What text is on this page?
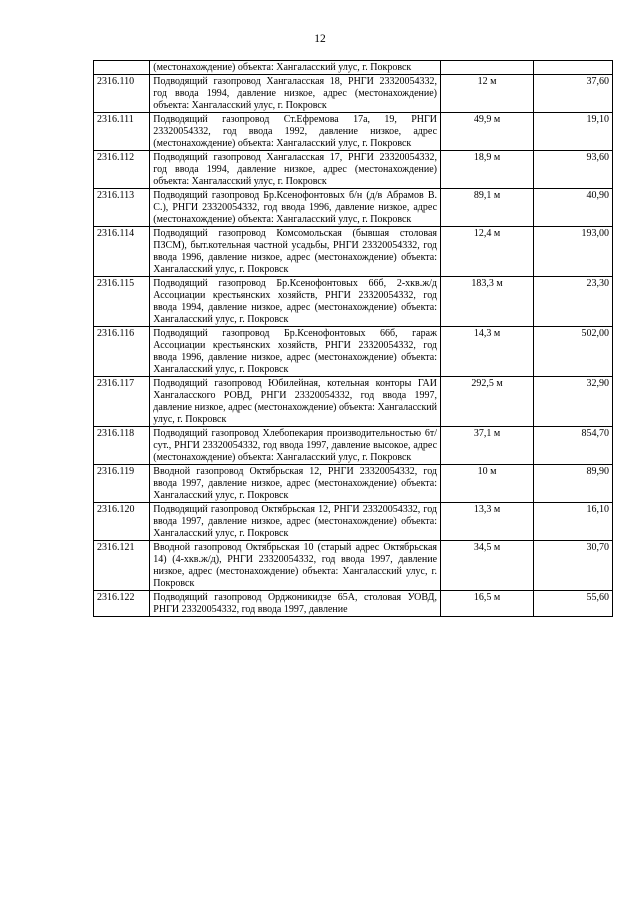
12
	(местонахождение) объекта: Хангаласский улус, г. Покровск		
2316.110	Подводящий газопровод Хангаласская 18, РНГИ 23320054332, год ввода 1994, давление низкое, адрес (местонахождение) объекта: Хангаласский улус, г. Покровск	12 м	37,60
2316.111	Подводящий газопровод Ст.Ефремова 17а, 19, РНГИ 23320054332, год ввода 1992, давление низкое, адрес (местонахождение) объекта: Хангаласский улус, г. Покровск	49,9 м	19,10
2316.112	Подводящий газопровод Хангаласская 17, РНГИ 23320054332, год ввода 1994, давление низкое, адрес (местонахождение) объекта: Хангаласский улус, г. Покровск	18,9 м	93,60
2316.113	Подводящий газопровод Бр.Ксенофонтовых б/н (д/в Абрамов В. С.), РНГИ 23320054332, год ввода 1996, давление низкое, адрес (местонахождение) объекта: Хангаласский улус, г. Покровск	89,1 м	40,90
2316.114	Подводящий газопровод Комсомольская (бывшая столовая ПЗСМ), быт.котельная частной усадьбы, РНГИ 23320054332, год ввода 1996, давление низкое, адрес (местонахождение) объекта: Хангаласский улус, г. Покровск	12,4 м	193,00
2316.115	Подводящий газопровод Бр.Ксенофонтовых 66б, 2-хкв.ж/д Ассоциации крестьянских хозяйств, РНГИ 23320054332, год ввода 1994, давление низкое, адрес (местонахождение) объекта: Хангаласский улус, г. Покровск	183,3 м	23,30
2316.116	Подводящий газопровод Бр.Ксенофонтовых 66б, гараж Ассоциации крестьянских хозяйств, РНГИ 23320054332, год ввода 1996, давление низкое, адрес (местонахождение) объекта: Хангаласский улус, г. Покровск	14,3 м	502,00
2316.117	Подводящий газопровод Юбилейная, котельная конторы ГАИ Хангаласского РОВД, РНГИ 23320054332, год ввода 1997, давление низкое, адрес (местонахождение) объекта: Хангаласский улус, г. Покровск	292,5 м	32,90
2316.118	Подводящий газопровод Хлебопекария производительностью 6т/сут., РНГИ 23320054332, год ввода 1997, давление высокое, адрес (местонахождение) объекта: Хангаласский улус, г. Покровск	37,1 м	854,70
2316.119	Вводной газопровод Октябрьская 12, РНГИ 23320054332, год ввода 1997, давление низкое, адрес (местонахождение) объекта: Хангаласский улус, г. Покровск	10 м	89,90
2316.120	Подводящий газопровод Октябрьская 12, РНГИ 23320054332, год ввода 1997, давление низкое, адрес (местонахождение) объекта: Хангаласский улус, г. Покровск	13,3 м	16,10
2316.121	Вводной газопровод Октябрьская 10 (старый адрес Октябрьская 14) (4-хкв.ж/д), РНГИ 23320054332, год ввода 1997, давление низкое, адрес (местонахождение) объекта: Хангаласский улус, г. Покровск	34,5 м	30,70
2316.122	Подводящий газопровод Орджоникидзе 65А, столовая УОВД, РНГИ 23320054332, год ввода 1997, давление	16,5 м	55,60
